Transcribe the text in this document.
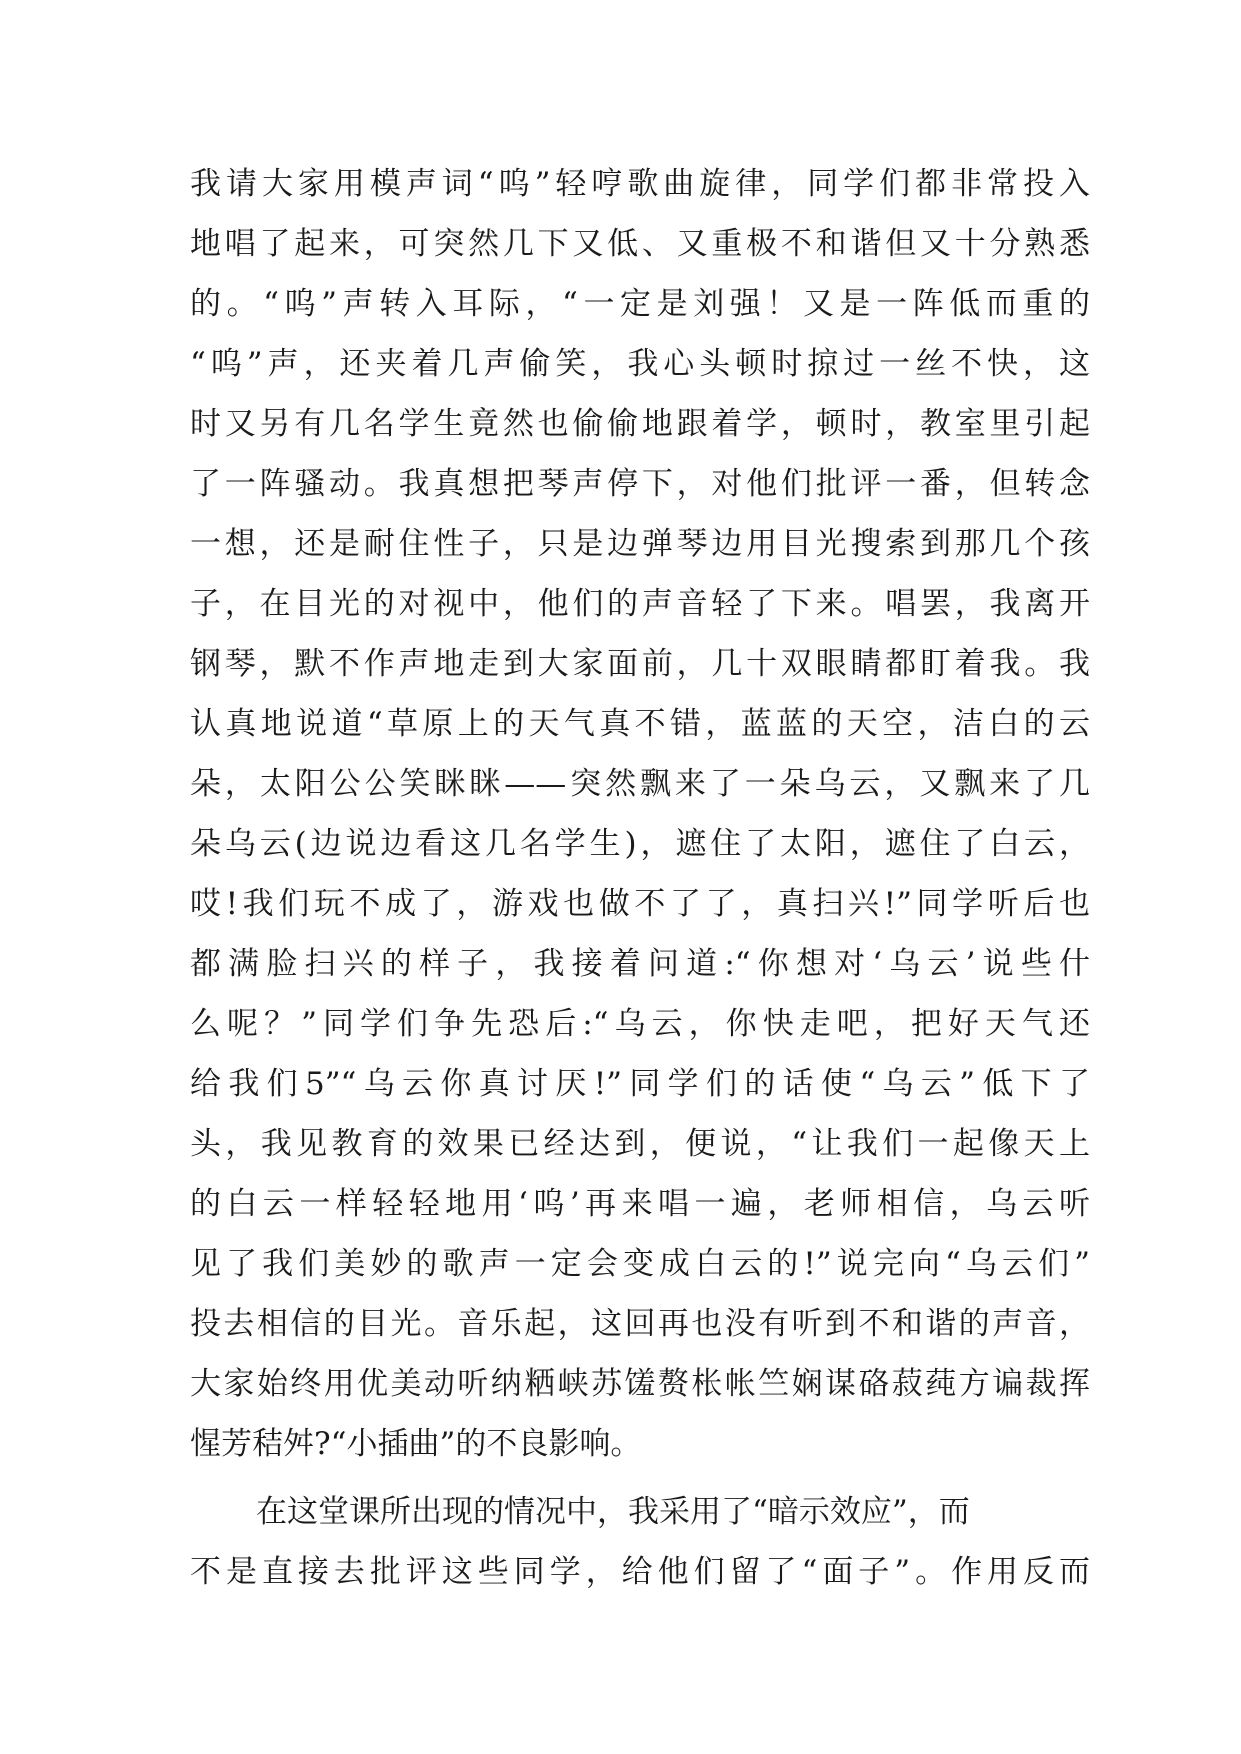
我请大家用模声词“呜”轻哼歌曲旋律，同学们都非常投入
地唱了起来，可突然几下又低、又重极不和谐但又十分熟悉
的。“呜”声转入耳际，“一定是刘强！又是一阵低而重的
“呜”声，还夹着几声偷笑，我心头顿时掠过一丝不快，这
时又另有几名学生竟然也偷偷地跟着学，顿时，教室里引起
了一阵骚动。我真想把琴声停下，对他们批评一番，但转念
一想，还是耐住性子，只是边弹琴边用目光搜索到那几个孩
子，在目光的对视中，他们的声音轻了下来。唱罢，我离开
钢琴，默不作声地走到大家面前，几十双眼睛都盯着我。我
认真地说道“草原上的天气真不错，蓝蓝的天空，洁白的云
朵，太阳公公笑眯眯——突然飘来了一朵乌云，又飘来了几
朵乌云(边说边看这几名学生)，遮住了太阳，遮住了白云，
哎!我们玩不成了，游戏也做不了了，真扫兴!”同学听后也
都满脸扫兴的样子，我接着问道:“你想对‘乌云’说些什
么呢？”同学们争先恐后:“乌云，你快走吧，把好天气还
给我们5”“乌云你真讨厌!”同学们的话使“乌云”低下了
头，我见教育的效果已经达到，便说，“让我们一起像天上
的白云一样轻轻地用‘呜’再来唱一遍，老师相信，乌云听
见了我们美妙的歌声一定会变成白云的!”说完向“乌云们”
投去相信的目光。音乐起，这回再也没有听到不和谐的声音，
大家始终用优美动听纳粞峡苏馐赘枨帐竺娴谋硌菽莼方谝裁挥
惺芳秸舛?“小插曲”的不良影响。
在这堂课所出现的情况中，我采用了“暗示效应”，而
不是直接去批评这些同学，给他们留了“面子”。作用反而
